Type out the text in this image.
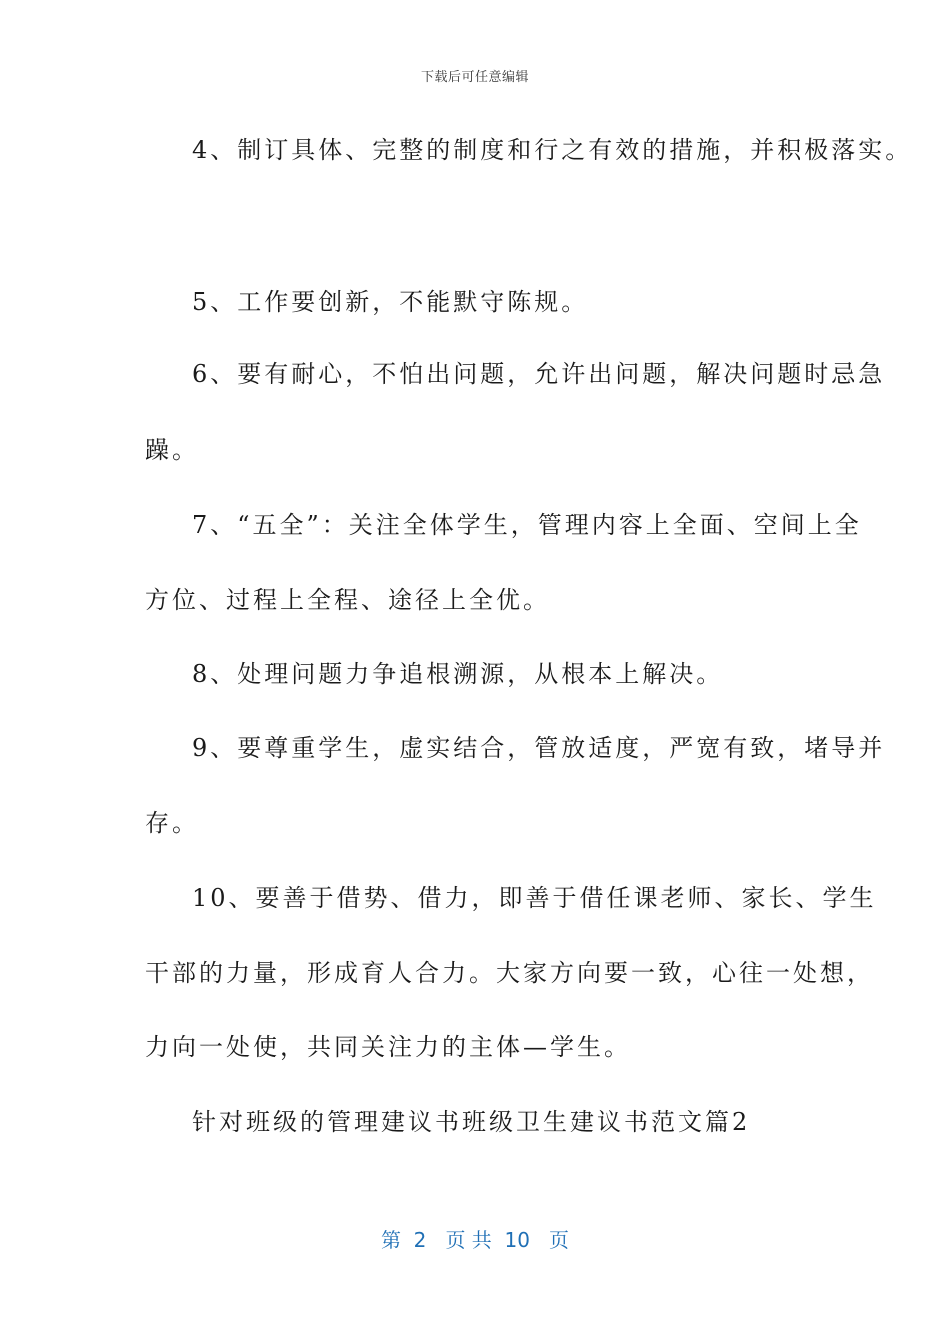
下载后可任意编辑
4、制订具体、完整的制度和行之有效的措施，并积极落实。
5、工作要创新，不能默守陈规。
6、要有耐心，不怕出问题，允许出问题，解决问题时忌急
躁。
7、“五全”：关注全体学生，管理内容上全面、空间上全
方位、过程上全程、途径上全优。
8、处理问题力争追根溯源，从根本上解决。
9、要尊重学生，虚实结合，管放适度，严宽有致，堵导并
存。
10、要善于借势、借力，即善于借任课老师、家长、学生
干部的力量，形成育人合力。大家方向要一致，心往一处想，
力向一处使，共同关注力的主体—学生。
针对班级的管理建议书班级卫生建议书范文篇2
第  2   页 共  10   页
